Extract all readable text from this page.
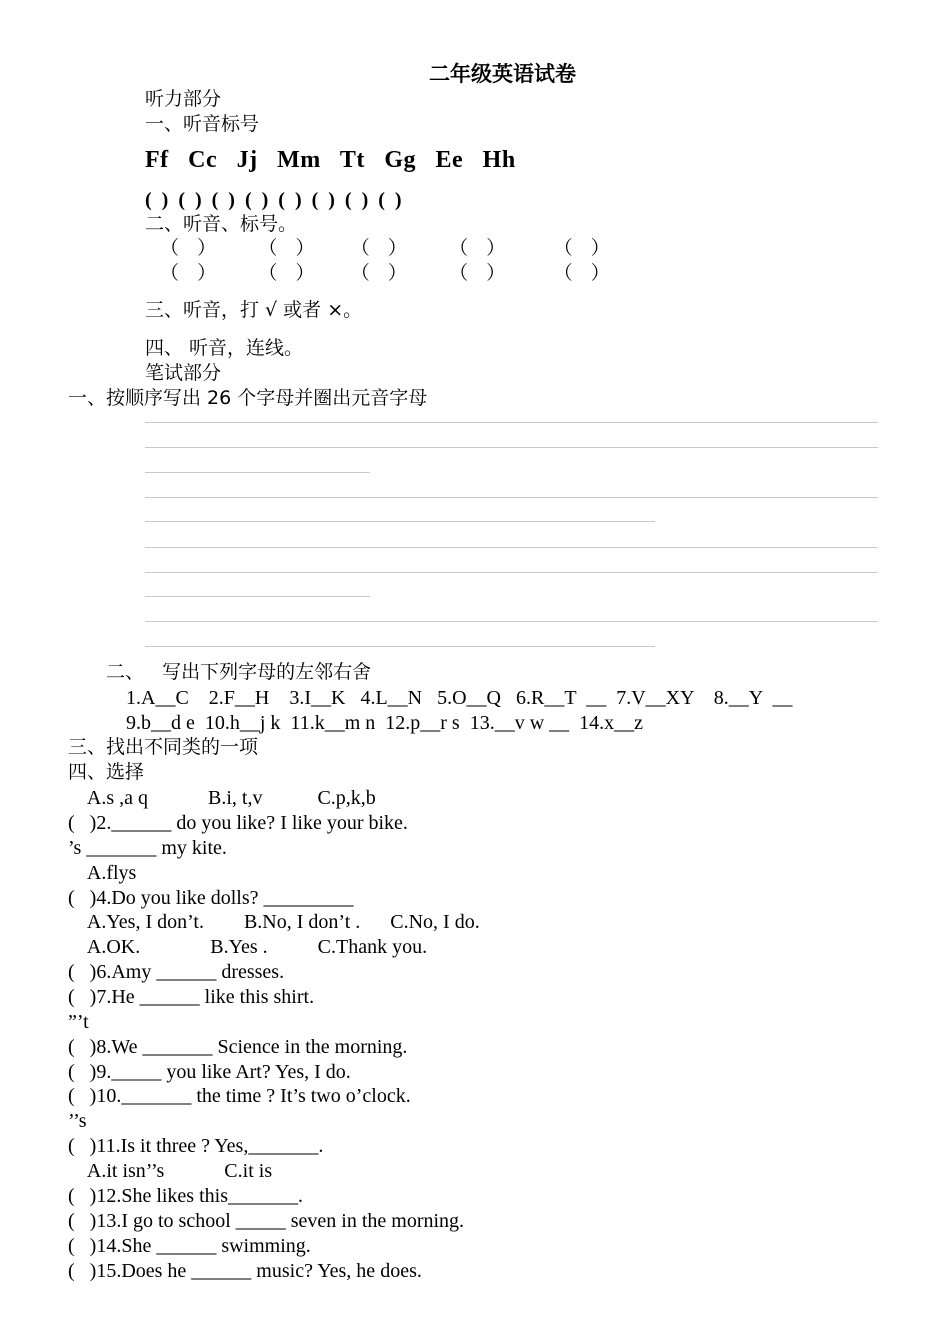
二年级英语试卷
听力部分
一、听音标号
Ff   Cc   Jj   Mm   Tt   Gg   Ee   Hh
(  )  (  )  (  )  (  )  (  )  (  )  (  )  (  )
二、听音、标号。
（   ）       （   ）      （   ）       （   ）        （   ）
（   ）       （   ）      （   ）       （   ）        （   ）
三、听音，打 √ 或者 ×。
四、 听音，连线。
笔试部分
一、按顺序写出 26 个字母并圈出元音字母
二、   写出下列字母的左邻右舍
1.A__C    2.F__H    3.I__K   4.L__N   5.O__Q   6.R__T  __  7.V__XY    8.__Y  __
9.b__d e  10.h__j k  11.k__m n  12.p__r s  13.__v w __  14.x__z
三、找出不同类的一项
四、选择
A.s ,a q            B.i, t,v           C.p,k,b
(   )2.______ do you like? I like your bike.
’s _______ my kite.
A.flys
(   )4.Do you like dolls? _________
A.Yes, I don’t.        B.No, I don’t .      C.No, I do.
A.OK.              B.Yes .          C.Thank you.
(   )6.Amy ______ dresses.
(   )7.He ______ like this shirt.
”’t
(   )8.We _______ Science in the morning.
(   )9._____ you like Art? Yes, I do.
(   )10._______ the time ? It’s two o’clock.
’’s
(   )11.Is it three ? Yes,_______.
A.it isn’’s            C.it is
(   )12.She likes this_______.
(   )13.I go to school _____ seven in the morning.
(   )14.She ______ swimming.
(   )15.Does he ______ music? Yes, he does.
